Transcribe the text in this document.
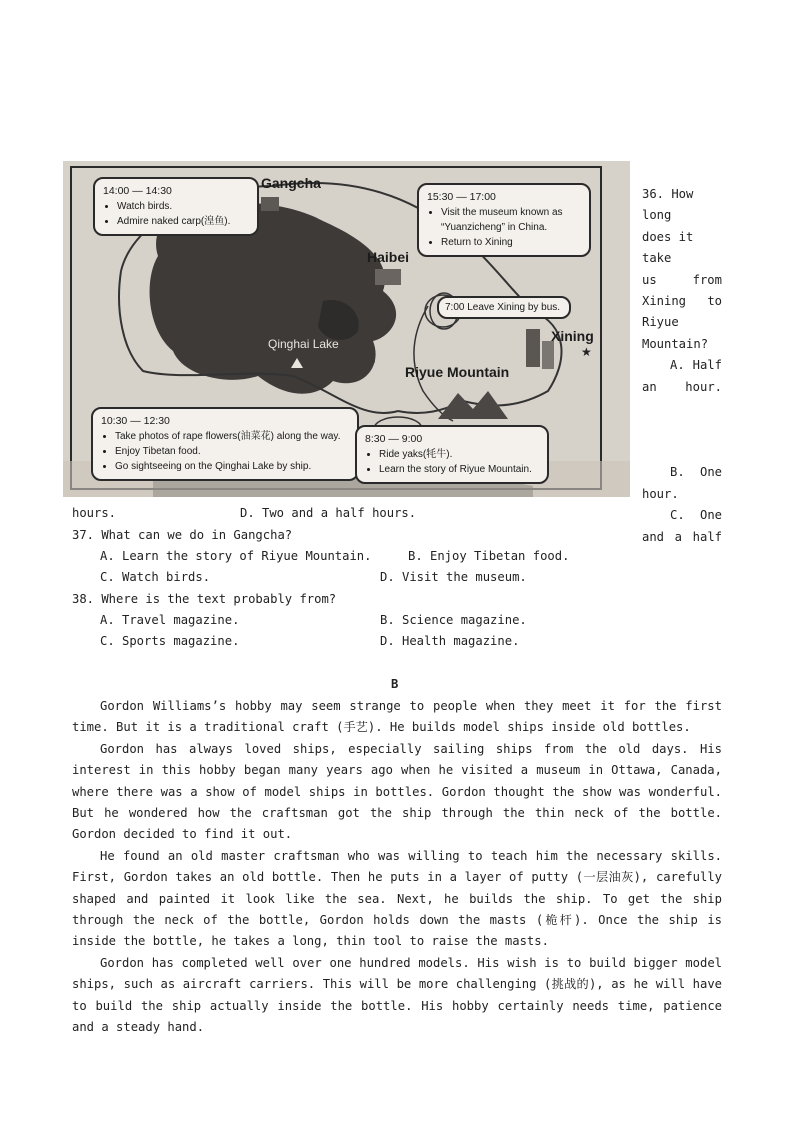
★
Gangcha
Haibei
Xining
Qinghai Lake
Riyue Mountain
14:00 — 14:30
• Watch birds.
• Admire naked carp(湟鱼).
15:30 — 17:00
• Visit the museum known as “Yuanzicheng” in China.
• Return to Xining
7:00 Leave Xining by bus.
10:30 — 12:30
• Take photos of rape flowers(油菜花) along the way.
• Enjoy Tibetan food.
• Go sightseeing on the Qinghai Lake by ship.
8:30 — 9:00
• Ride yaks(牦牛).
• Learn the story of Riyue Mountain.
36. How long
does it take
us from
Xining to
Riyue
Mountain?
A. Half
an hour.

B. One
hour.
C. One
and a half
hours.	D. Two and a half hours.
37. What can we do in Gangcha?
A. Learn the story of Riyue Mountain.	B. Enjoy Tibetan food.
C. Watch birds.	D. Visit the museum.
38. Where is the text probably from?
A. Travel magazine.	B. Science magazine.
C. Sports magazine.	D. Health magazine.
B

Gordon Williams’s hobby may seem strange to people when they meet it for the first time. But it is a traditional craft (手艺). He builds model ships inside old bottles.

Gordon has always loved ships, especially sailing ships from the old days. His interest in this hobby began many years ago when he visited a museum in Ottawa, Canada, where there was a show of model ships in bottles. Gordon thought the show was wonderful. But he wondered how the craftsman got the ship through the thin neck of the bottle. Gordon decided to find it out.

He found an old master craftsman who was willing to teach him the necessary skills. First, Gordon takes an old bottle. Then he puts in a layer of putty (一层油灰), carefully shaped and painted it look like the sea. Next, he builds the ship. To get the ship through the neck of the bottle, Gordon holds down the masts (桅杆). Once the ship is inside the bottle, he takes a long, thin tool to raise the masts.

Gordon has completed well over one hundred models. His wish is to build bigger model ships, such as aircraft carriers. This will be more challenging (挑战的), as he will have to build the ship actually inside the bottle. His hobby certainly needs time, patience and a steady hand.
